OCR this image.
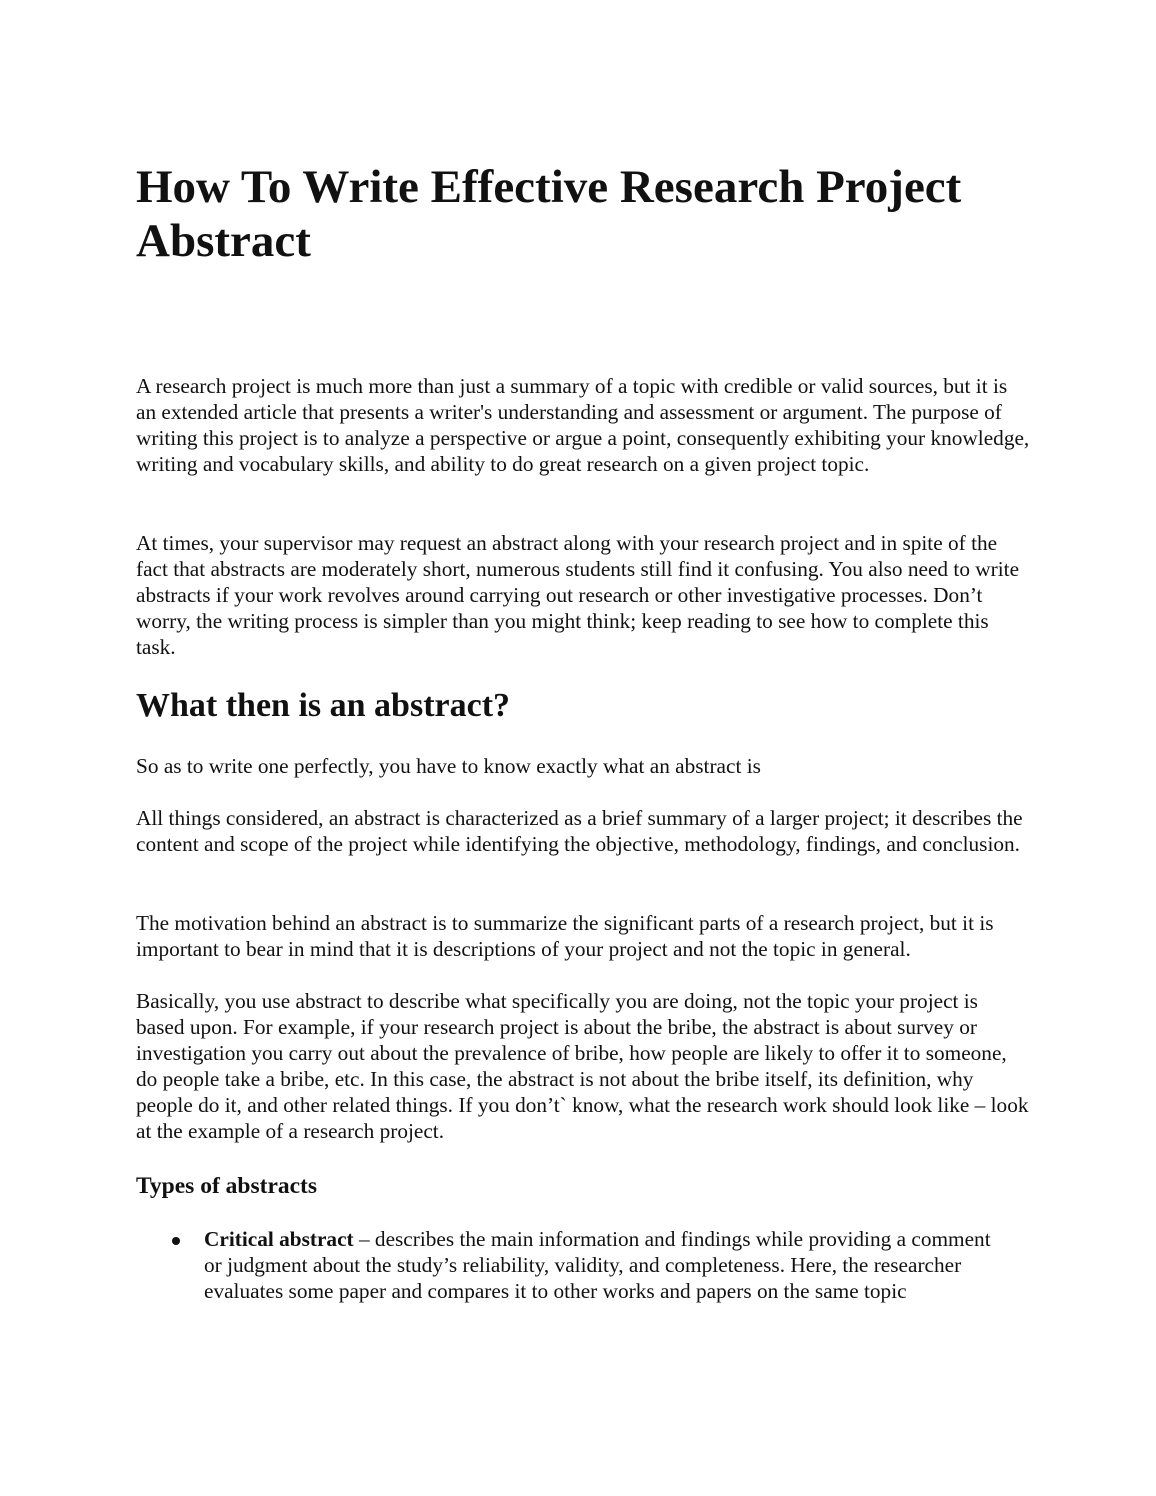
How To Write Effective Research Project Abstract

A research project is much more than just a summary of a topic with credible or valid sources, but it is an extended article that presents a writer's understanding and assessment or argument. The purpose of writing this project is to analyze a perspective or argue a point, consequently exhibiting your knowledge, writing and vocabulary skills, and ability to do great research on a given project topic.

At times, your supervisor may request an abstract along with your research project and in spite of the fact that abstracts are moderately short, numerous students still find it confusing. You also need to write abstracts if your work revolves around carrying out research or other investigative processes. Don’t worry, the writing process is simpler than you might think; keep reading to see how to complete this task.

What then is an abstract?

So as to write one perfectly, you have to know exactly what an abstract is

All things considered, an abstract is characterized as a brief summary of a larger project; it describes the content and scope of the project while identifying the objective, methodology, findings, and conclusion.

The motivation behind an abstract is to summarize the significant parts of a research project, but it is important to bear in mind that it is descriptions of your project and not the topic in general.

Basically, you use abstract to describe what specifically you are doing, not the topic your project is based upon. For example, if your research project is about the bribe, the abstract is about survey or investigation you carry out about the prevalence of bribe, how people are likely to offer it to someone, do people take a bribe, etc. In this case, the abstract is not about the bribe itself, its definition, why people do it, and other related things. If you don’t` know, what the research work should look like – look at the example of a research project.

Types of abstracts
Critical abstract – describes the main information and findings while providing a comment or judgment about the study’s reliability, validity, and completeness. Here, the researcher evaluates some paper and compares it to other works and papers on the same topic
